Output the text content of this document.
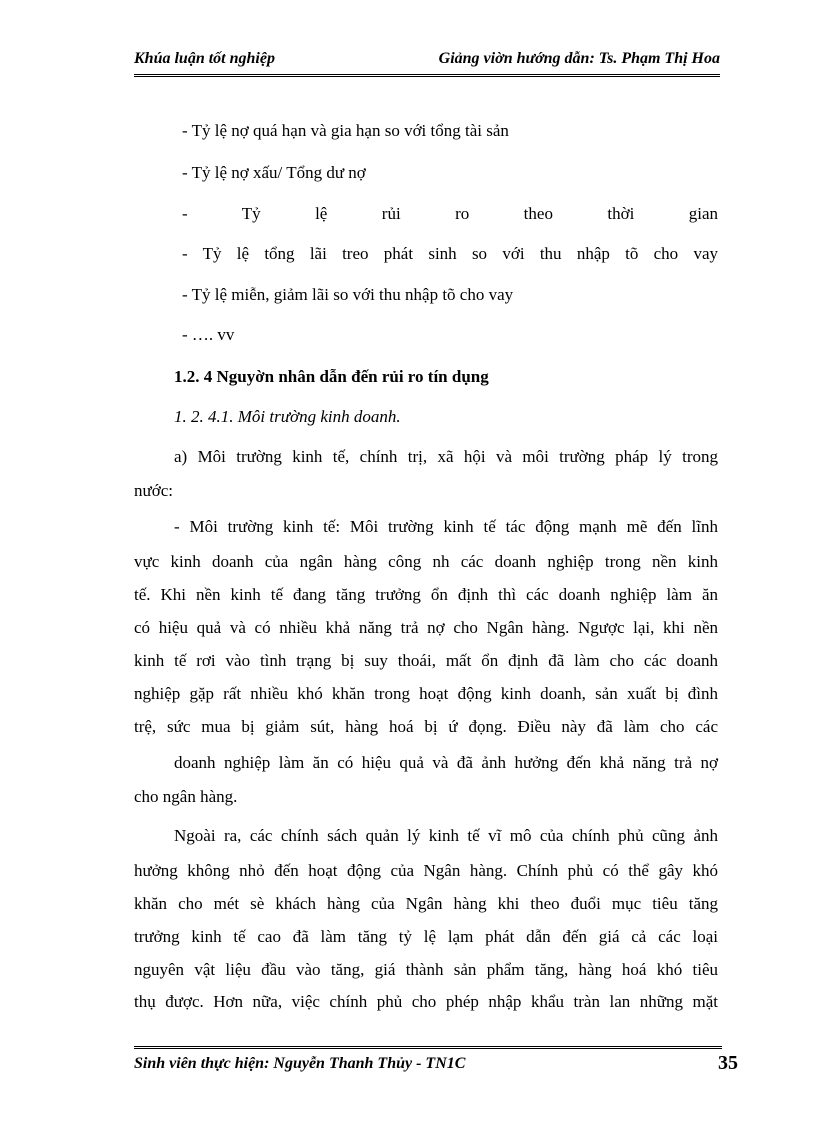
Khúa luận tốt nghiệp	Giảng viờn hướng dẫn: Ts. Phạm Thị Hoa
- Tỷ lệ nợ quá hạn và gia hạn so với tổng tài sản
- Tỷ lệ nợ xấu/ Tổng dư nợ
- Tỷ lệ rủi ro theo thời gian
- Tỷ lệ tổng lãi treo phát sinh so với thu nhập tõ cho vay
- Tỷ lệ miễn, giảm lãi so với thu nhập tõ cho vay
- …. vv
1.2. 4 Nguyờn nhân dẫn đến rủi ro tín dụng
1. 2. 4.1. Môi trường kinh doanh.
a) Môi trường kinh tế, chính trị, xã hội và môi trường pháp lý trong
nước:
- Môi trường kinh tế: Môi trường kinh tế tác động mạnh mẽ đến lĩnh
vực kinh doanh của ngân hàng công nh các doanh nghiệp trong nền kinh
tế. Khi nền kinh tế đang tăng trưởng ổn định thì các doanh nghiệp làm ăn
có hiệu quả và có nhiều khả năng trả nợ cho Ngân hàng. Ngược lại, khi nền
kinh tế rơi vào tình trạng bị suy thoái, mất ổn định đã làm cho các doanh
nghiệp gặp rất nhiều khó khăn trong hoạt động kinh doanh, sản xuất bị đình
trệ, sức mua bị giảm sút, hàng hoá bị ứ đọng. Điều này đã làm cho các
doanh nghiệp làm ăn có hiệu quả và đã ảnh hưởng đến khả năng trả nợ
cho ngân hàng.
Ngoài ra, các chính sách quản lý kinh tế vĩ mô của chính phủ cũng ảnh
hưởng không nhỏ đến hoạt động của Ngân hàng. Chính phủ có thể gây khó
khăn cho mét sè khách hàng của Ngân hàng khi theo đuổi mục tiêu tăng
trưởng kinh tế cao đã làm tăng tỷ lệ lạm phát dẫn đến giá cả các loại
nguyên vật liệu đầu vào tăng, giá thành sản phẩm tăng, hàng hoá khó tiêu
thụ được. Hơn nữa, việc chính phủ cho phép nhập khẩu tràn lan những mặt
Sinh viên thực hiện: Nguyễn Thanh Thủy - TN1C	35
